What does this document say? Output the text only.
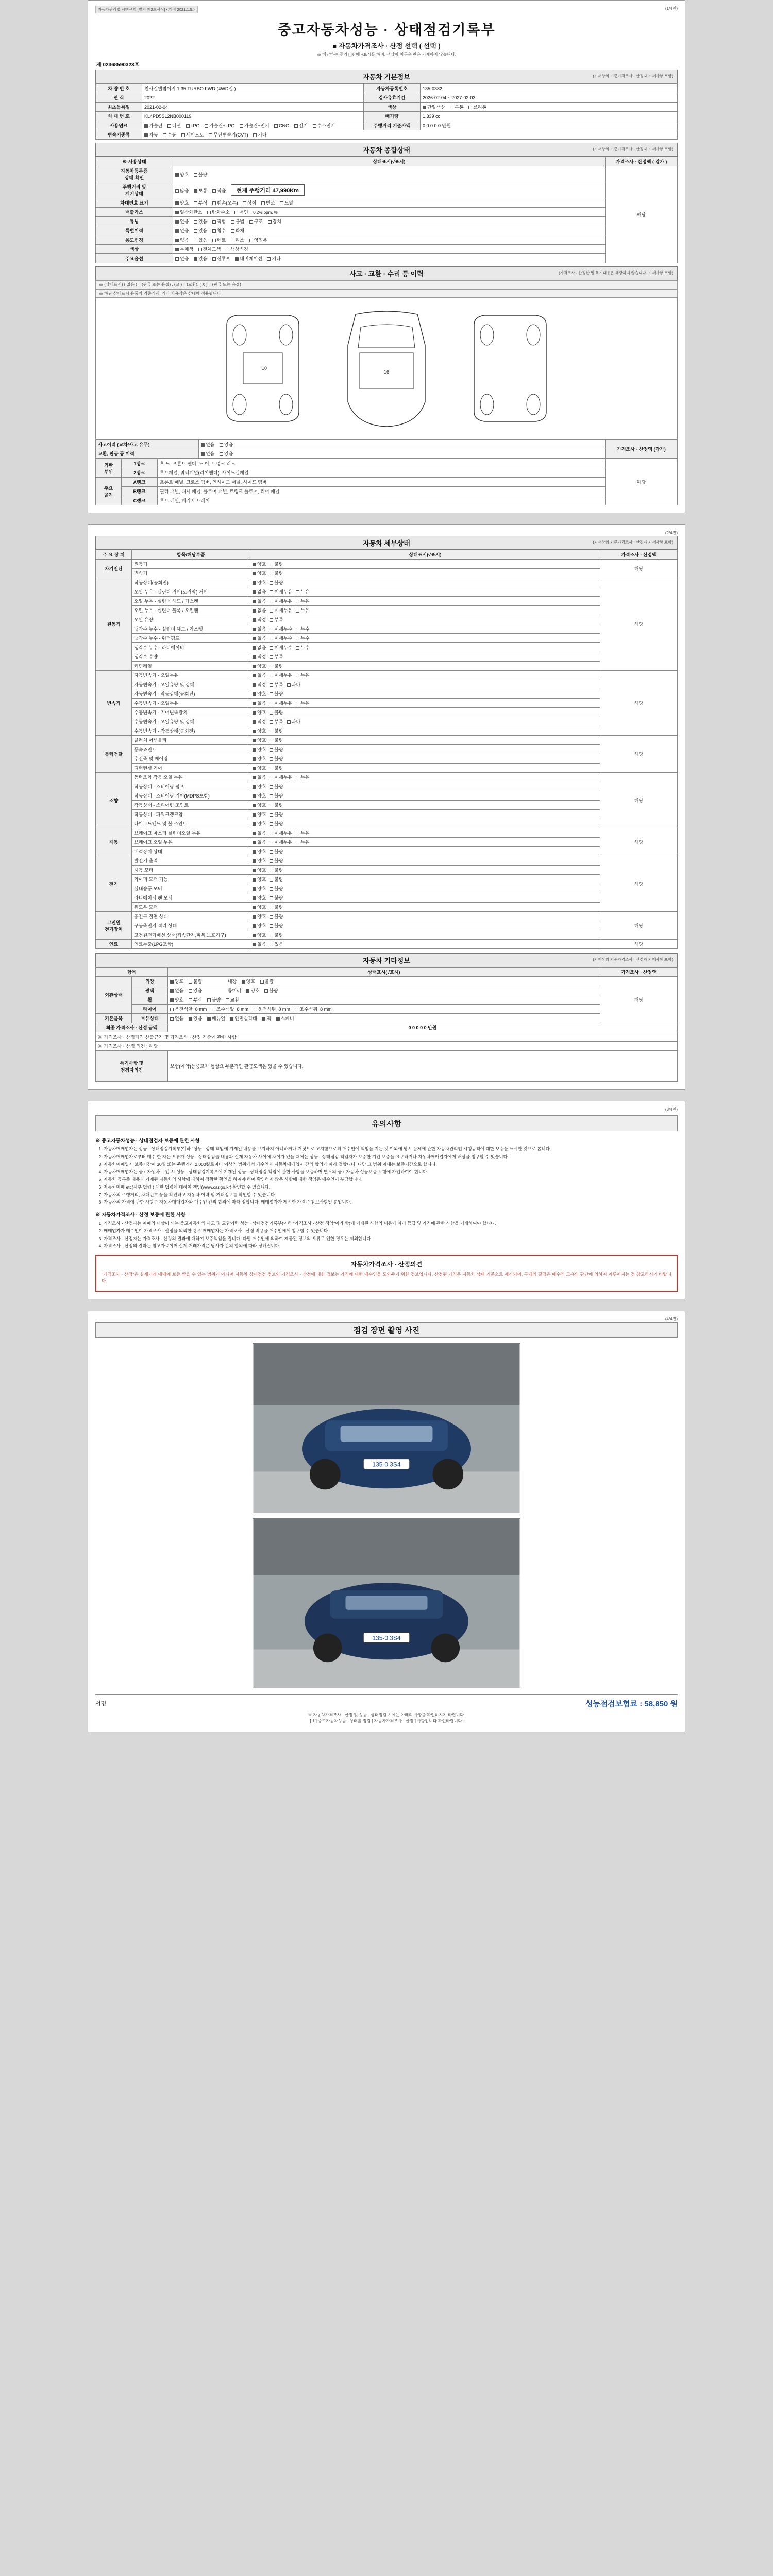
자동차관리법 시행규칙 [별지 제2호서식] <개정 2021.1.5.>	(1/4면)
중고자동차성능 · 상태점검기록부
■ 자동차가격조사 · 산정 선택 ( 선택 )
※ 해당하는 곳의 [ ]란에 √표시를 하며, 색상이 어두운 란은 기재하지 않습니다.
제 02368590323호
자동차 기본정보	(기재상의 기준가격조사 · 산정자 기재사항 포함)
차 량 번 호	천사길앨범이지 1.35 TURBO FWD (4WD일 )	자동차등록번호	135-0382
연 식	2022	검사유효기간	2026-02-04 ~ 2027-02-03
최초등록일	2021-02-04	색상	단일색상 투톤 쓰리톤
차 대 번 호	KL4PD5SL2NB000119	배기량	1,339 cc
사용연료	가솔린 디젤 LPG 가솔린+LPG 가솔린+전기 CNG 전기 수소전기	주행거리 기준가액	0 0 0 0 0 만원
변속기종류	자동 수동 세미오토 무단변속기(CVT) 기타		
자동차 종합상태	(기재상의 기준가격조사 · 산정자 기재사항 포함)
※ 사용상태	상태표시(√표시)	가격조사 · 산정액 ( 감가 )
자동차등록증
상태 확인	양호 불량	해당
주행거리 및
계기상태	많음 보통 적음 현재 주행거리 47,990Km	
차대번호 표기	양호 부식 훼손(오손) 상이 변조 도말	
배출가스	일산화탄소 탄화수소 매연 0.2% ppm, %	
튜닝	없음 있음 적법 불법 구조 장치	
특별이력	없음 있음 침수 화재	
용도변경	없음 있음 렌트 리스 영업용	
색상	무채색 전체도색 색상변경	
주요옵션	없음 있음 선루프 내비게이션 기타	
사고 · 교환 · 수리 등 이력	(가격조사 · 산정한 및 복기내용은 해당하지 않습니다. 기재사항 포함)
※ (상태표시) ( 없음 ) = (판금 또는 용접) , (교 ) = (교환), ( X ) = (판금 또는 용접)
※ 하단 상태표시 용품의 기준기재, 기타 자용작은 상태에 적용됩니다
10
16
사고이력 (교차/사고 유무)	없음 있음	가격조사 · 산정액 (감가)
교환, 판금 등 이력	없음 있음	
외판
부위	1랭크	후 드, 프론트 팬더, 도 어, 트렁크 리드	해당
	2랭크	루프패널, 쿼터패널(리어펜더), 사이드실패널	
주요
골격	A랭크	프론트 패널, 크로스 멤버, 인사이드 패널, 사이드 멤버	
	B랭크	필러 패널, 대시 패널, 플로어 패널, 트렁크 플로어, 리어 패널	
	C랭크	루프 레일, 패키지 트레이	
(2/4면)
자동차 세부상태	(기재상의 기준가격조사 · 산정자 기재사항 포함)
주 요 장 치	항목/해당부품	상태표시(√표시)	가격조사 · 산정액
자기진단	원동기	양호 불량	해당
	변속기	양호 불량	
원동기	작동상태(공회전)	양호 불량	해당
	오일 누유 - 실린더 커버(로커암) 커버	없음 미세누유 누유	
	오일 누유 - 실린더 헤드 / 가스켓	없음 미세누유 누유	
	오일 누유 - 실린더 블록 / 오일팬	없음 미세누유 누유	
	오일 유량	적정 부족	
	냉각수 누수 - 실린더 헤드 / 가스켓	없음 미세누수 누수	
	냉각수 누수 - 워터펌프	없음 미세누수 누수	
	냉각수 누수 - 라디에이터	없음 미세누수 누수	
	냉각수 수량	적정 부족	
	커먼레일	양호 불량	
변속기	자동변속기 - 오일누유	없음 미세누유 누유	해당
	자동변속기 - 오일유량 및 상태	적정 부족 과다	
	자동변속기 - 작동상태(공회전)	양호 불량	
	수동변속기 - 오일누유	없음 미세누유 누유	
	수동변속기 - 기어변속장치	양호 불량	
	수동변속기 - 오일유량 및 상태	적정 부족 과다	
	수동변속기 - 작동상태(공회전)	양호 불량	
동력전달	클러치 어셈블리	양호 불량	해당
	등속죠인트	양호 불량	
	추진축 및 베어링	양호 불량	
	디퍼렌셜 기어	양호 불량	
조향	동력조향 작동 오일 누유	없음 미세누유 누유	해당
	작동상태 - 스티어링 펌프	양호 불량	
	작동상태 - 스티어링 기어(MDPS포함)	양호 불량	
	작동상태 - 스티어링 조인트	양호 불량	
	작동상태 - 파워크랭크암	양호 불량	
	타이로드엔드 및 볼 조인트	양호 불량	
제동	브레이크 마스터 실린더오일 누유	없음 미세누유 누유	해당
	브레이크 오일 누유	없음 미세누유 누유	
	배력장치 상태	양호 불량	
전기	발전기 출력	양호 불량	해당
	시동 모터	양호 불량	
	와이퍼 모터 기능	양호 불량	
	실내송풍 모터	양호 불량	
	라디에이터 팬 모터	양호 불량	
	윈도우 모터	양호 불량	
고전원
전기장치	충전구 절연 상태	양호 불량	해당
	구동축전지 격리 상태	양호 불량	
	고전원전기배선 상태(접속단자,피복,보호기구)	양호 불량	
연료	연료누출(LPG포함)	없음 있음	해당
자동차 기타정보	(기재상의 기준가격조사 · 산정자 기재사항 포함)
항목		상태표시(√표시)	가격조사 · 산정액
외관상태	외장	양호 불량 내장 양호 불량	해당
	광택	없음 있음 룸미러 양호 불량	
	휠	양호 부식 불량 교환	
	타이어	운전석앞  8 mm 조수석앞  8 mm 운전석뒤  8 mm 조수석뒤  8 mm	
기본품목	보유상태	없음 있음 매뉴얼 안전삼각대 잭 스패너	
최종 가격조사 · 산정 금액		0 0 0 0 0 만원	
※ 가격조사 · 산정가격 산출근거 및 가격조사 · 산정 기준에 관한 사항			
※ 가격조사 · 산정 의견 : 해당			
특기사항 및
점검자의견		보험(에약)등중고차 형상요 부분적인 판금도색은 있을 수 있습니다.	
(3/4면)
유의사항
※ 중고자동차성능 · 상태점검자 보증에 관한 사항
1. 자동차매매업자는 성능 · 상태점검기록부(이하 "성능 · 상태 책임에 기재된 내용을 고지하지 아니하거나 거짓으로 고지함으로써 매수인에 책임을 지는 것 이외에 명시 문제에 관한 자동차관리법 시행규칙에 대한 보증을 표시한 것으로 봅니다.
2. 자동차매매업자로부터 매수 한 자는 오류가 성능 · 상태점검을 내용과 실제 자동차 사이에 차이가 있을 때에는 성능 · 상태점검 책임자가 보증한 기간 보증을 요구하거나 자동차매매업자에게 배상을 청구할 수 있습니다.
3. 자동차매매업자 보증기간이 30일 또는 주행거리 2,000킬로미터 이상의 범위에서 매수인과 자동차매매업자 간의 합의에 따라 정합니다. 다만 그 범위 이내는 보증기간으로 합니다.
4. 자동차매매업자는 중고자동차 구입 시 성능 · 상태점검기록부에 기재된 성능 · 상태점검 책임에 관한 사항을 보증하며 별도의 중고자동차 성능보증 보험에 가입하여야 합니다.
5. 자동차 등록증 내용과 기재된 자동차의 사항에 대하여 정확한 확인을 하여야 하며 확인하지 않은 사항에 대한 책임은 매수인이 부담합니다.
6. 자동차매매 etc(세부 법령 ) 대한 법령에 대하여 책임(www.car.go.kr) 확인할 수 있습니다.
7. 자동차의 주행거리, 차대번호 등을 확인하고 자동차 이력 및 거래정보를 확인할 수 있습니다.
8. 자동차의 가격에 관한 사항은 자동차매매업자와 매수인 간의 합의에 따라 정합니다. 매매업자가 제시한 가격은 참고사항일 뿐입니다.
※ 자동차가격조사 · 산정 보증에 관한 사항
1. 가격조사 · 산정자는 매매의 대상이 되는 중고자동차의 사고 및 교환이력 성능 · 상태점검기록부(이하 "가격조사 · 산정 책임"이라 함)에 기재된 사항의 내용에 따라 등급 및 가격에 관한 사항을 기재하여야 합니다.
2. 매매업자가 매수인이 가격조사 · 산정을 의뢰한 경우 매매업자는 가격조사 · 산정 비용을 매수인에게 청구할 수 있습니다.
3. 가격조사 · 산정자는 가격조사 · 산정의 결과에 대하여 보증책임을 집니다. 다만 매수인에 의하여 제공된 정보의 오류로 인한 경우는 제외합니다.
4. 가격조사 · 산정의 결과는 참고자료이며 실제 거래가격은 당사자 간의 합의에 따라 정해집니다.
자동차가격조사 · 산정의견

"가격조사 · 산정"은 실제거래 매매에 보증 받을 수 있는 범위가 아니며 자동차 상태점검 정보와 가격조사 · 산정에 대한 정보는 가격에 대한 매수인을 도와주기 위한 정보입니다. 산정된 가격은 자동차 상태 기준으로 제시되며, 구매의 결정은 매수인 고유의 판단에 의하여 이루어지는 점 참고하시기 바랍니다.

(4/4면)
점검 장면 촬영 사진
135-0 3S4
135-0 3S4
서명	성능점검보험료 : 58,850 원
※ 자동차가격조사 · 산정 및 성능 · 상태점검 시에는 아래의 사항을 확인하시기 바랍니다.
[ 1 ] 중고자동차성능 · 상태를 점검 [ 자동차가격조사 · 산정 ] 사항입니다 확인바랍니다.
